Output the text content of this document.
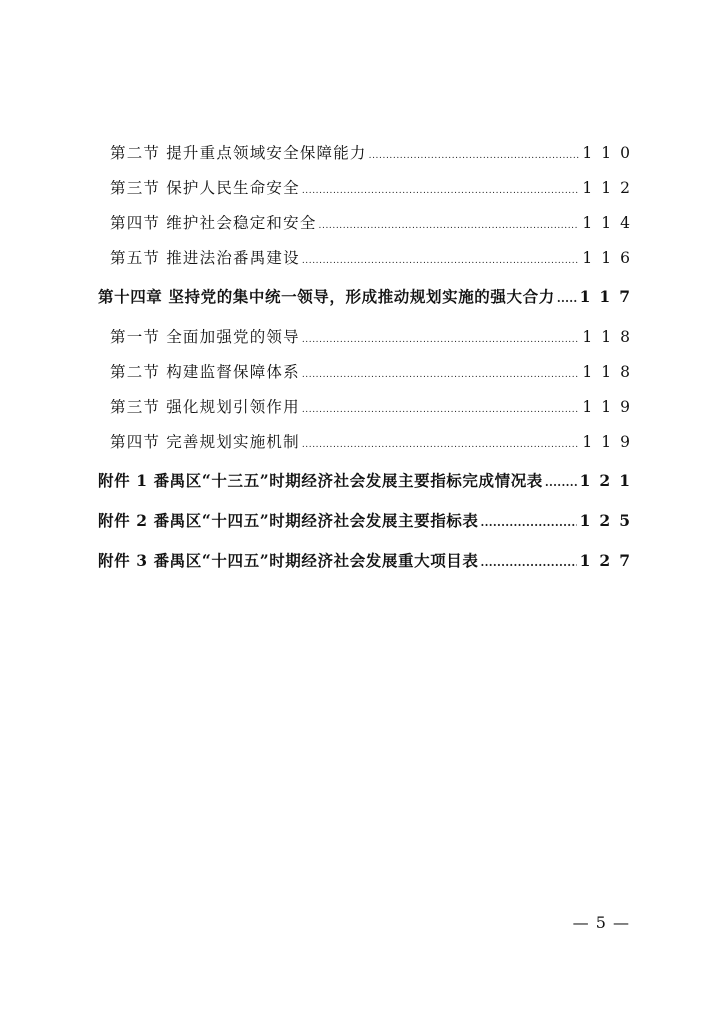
第二节 提升重点领域安全保障能力 .....	110
第三节 保护人民生命安全 .....	112
第四节 维护社会稳定和安全 .....	114
第五节 推进法治番禺建设 .....	116
第十四章 坚持党的集中统一领导，形成推动规划实施的强大合力 ..... 117
第一节 全面加强党的领导 .....	118
第二节 构建监督保障体系 .....	118
第三节 强化规划引领作用 .....	119
第四节 完善规划实施机制 .....	119
附件 1 番禺区“十三五”时期经济社会发展主要指标完成情况表 ..... 121
附件 2 番禺区“十四五”时期经济社会发展主要指标表 .....	125
附件 3 番禺区“十四五”时期经济社会发展重大项目表 .....	127
— 5 —
